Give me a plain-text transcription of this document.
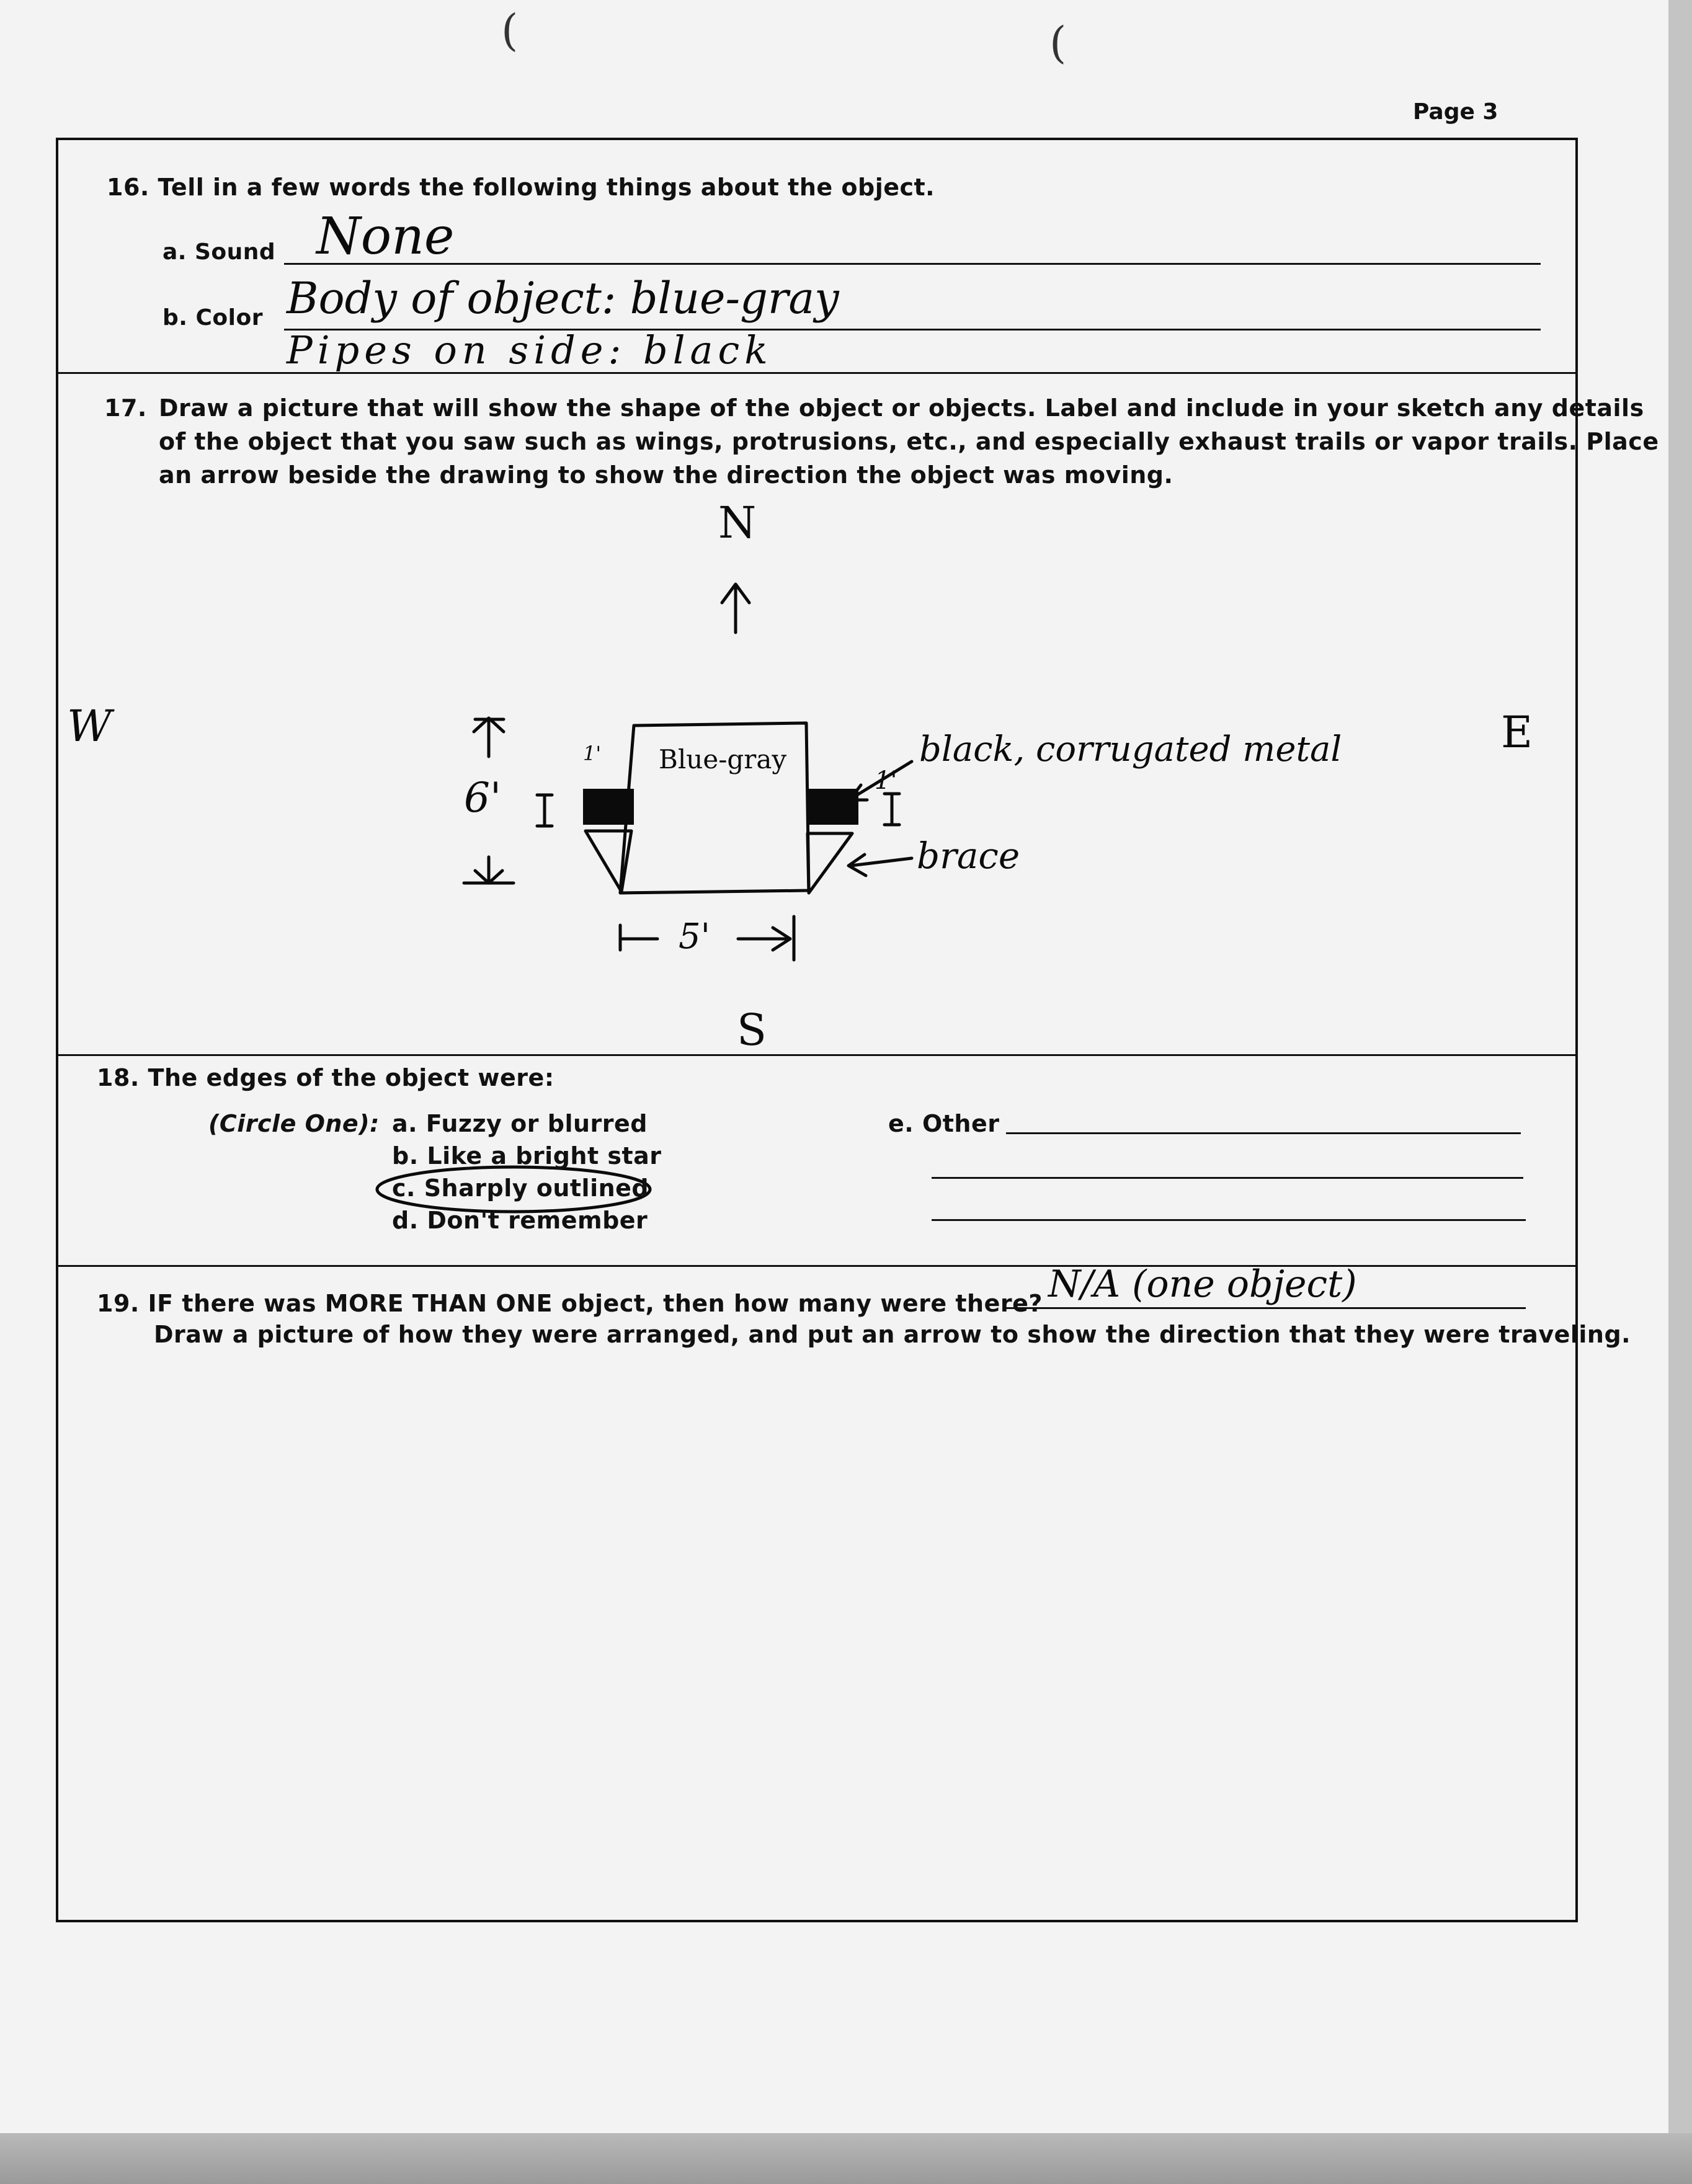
(	(
Page 3
16. Tell in a few words the following things about the object.
a. Sound None
b. Color Body of object: blue-gray
Pipes on side: black
17. Draw a picture that will show the shape of the object or objects. Label and include in your sketch any details
of the object that you saw such as wings, protrusions, etc., and especially exhaust trails or vapor trails. Place
an arrow beside the drawing to show the direction the object was moving.
N
S
W	E
6'	1'
1' Blue-gray	black, corrugated metal
brace
5'
18. The edges of the object were:
(Circle One): a. Fuzzy or blurred
b. Like a bright star
c. Sharply outlined
d. Don't remember
e. Other
19. IF there was MORE THAN ONE object, then how many were there? N/A (one object)
Draw a picture of how they were arranged, and put an arrow to show the direction that they were traveling.
